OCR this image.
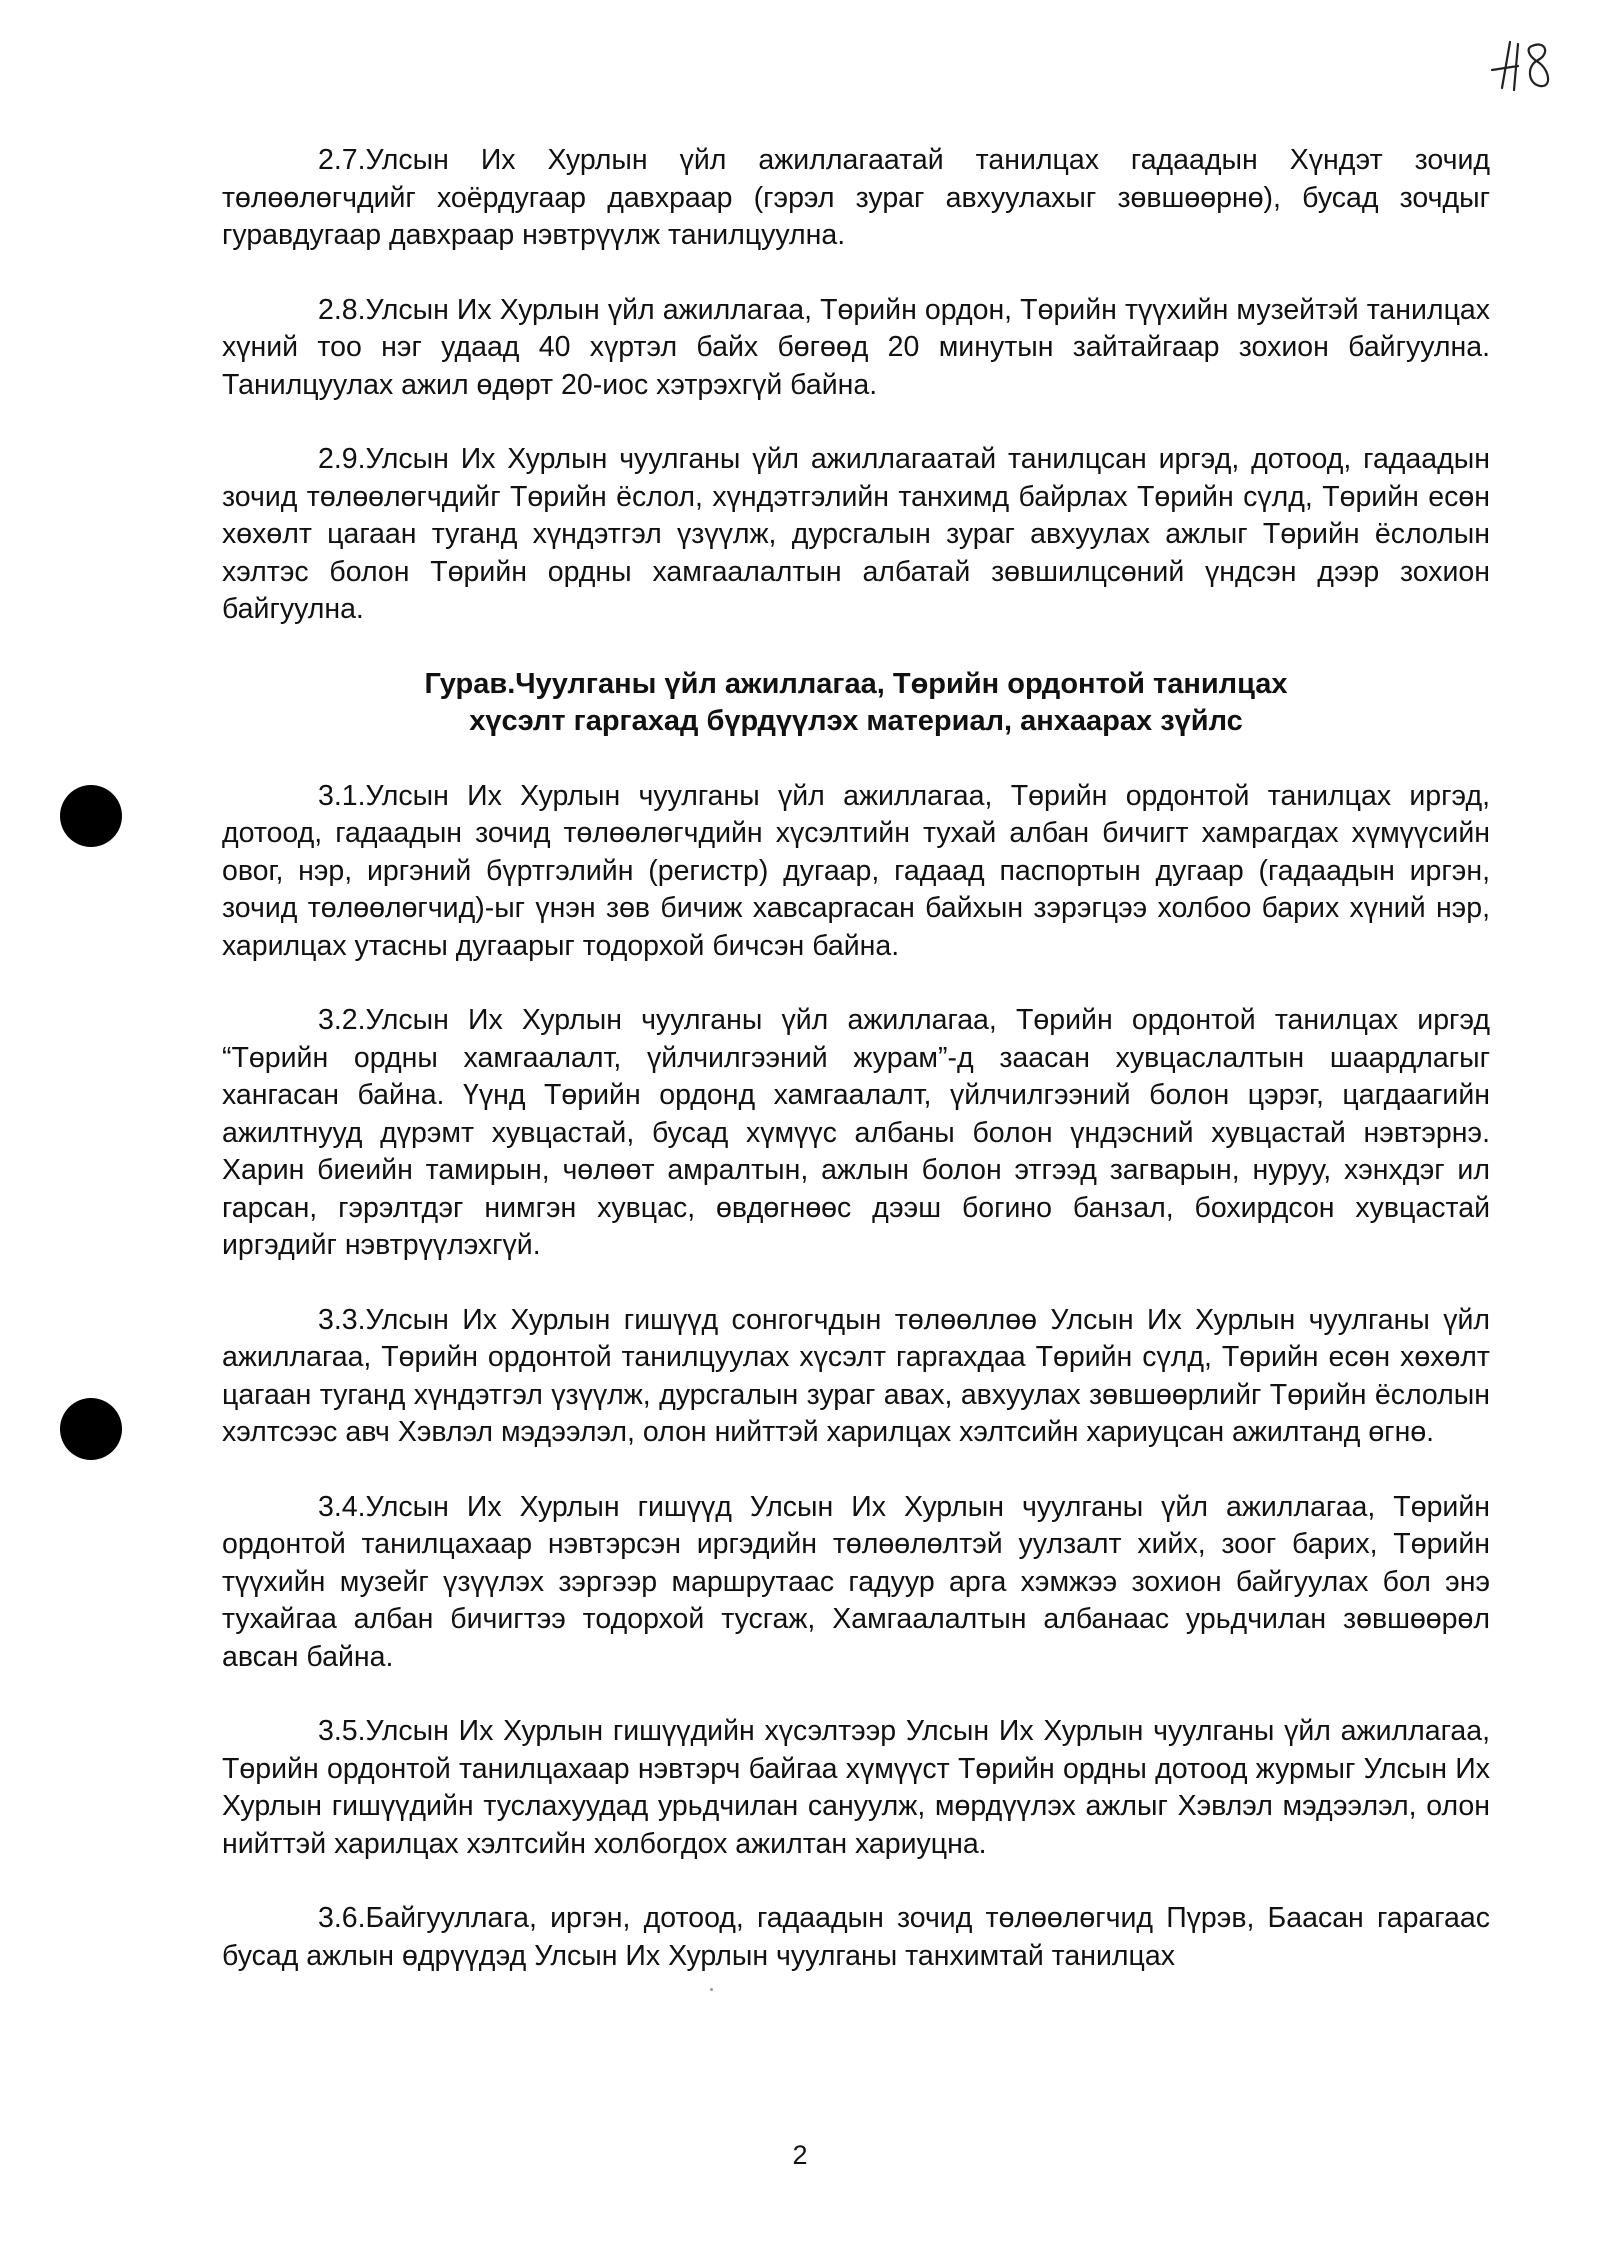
2.7.Улсын Их Хурлын үйл ажиллагаатай танилцах гадаадын Хүндэт зочид төлөөлөгчдийг хоёрдугаар давхраар (гэрэл зураг авхуулахыг зөвшөөрнө), бусад зочдыг гуравдугаар давхраар нэвтрүүлж танилцуулна.

2.8.Улсын Их Хурлын үйл ажиллагаа, Төрийн ордон, Төрийн түүхийн музейтэй танилцах хүний тоо нэг удаад 40 хүртэл байх бөгөөд 20 минутын зайтайгаар зохион байгуулна. Танилцуулах ажил өдөрт 20-иос хэтрэхгүй байна.

2.9.Улсын Их Хурлын чуулганы үйл ажиллагаатай танилцсан иргэд, дотоод, гадаадын зочид төлөөлөгчдийг Төрийн ёслол, хүндэтгэлийн танхимд байрлах Төрийн сүлд, Төрийн есөн хөхөлт цагаан туганд хүндэтгэл үзүүлж, дурсгалын зураг авхуулах ажлыг Төрийн ёслолын хэлтэс болон Төрийн ордны хамгаалалтын албатай зөвшилцсөний үндсэн дээр зохион байгуулна.

Гурав.Чуулганы үйл ажиллагаа, Төрийн ордонтой танилцах
хүсэлт гаргахад бүрдүүлэх материал, анхаарах зүйлс

3.1.Улсын Их Хурлын чуулганы үйл ажиллагаа, Төрийн ордонтой танилцах иргэд, дотоод, гадаадын зочид төлөөлөгчдийн хүсэлтийн тухай албан бичигт хамрагдах хүмүүсийн овог, нэр, иргэний бүртгэлийн (регистр) дугаар, гадаад паспортын дугаар (гадаадын иргэн, зочид төлөөлөгчид)-ыг үнэн зөв бичиж хавсаргасан байхын зэрэгцээ холбоо барих хүний нэр, харилцах утасны дугаарыг тодорхой бичсэн байна.

3.2.Улсын Их Хурлын чуулганы үйл ажиллагаа, Төрийн ордонтой танилцах иргэд “Төрийн ордны хамгаалалт, үйлчилгээний журам”-д заасан хувцаслалтын шаардлагыг хангасан байна. Үүнд Төрийн ордонд хамгаалалт, үйлчилгээний болон цэрэг, цагдаагийн ажилтнууд дүрэмт хувцастай, бусад хүмүүс албаны болон үндэсний хувцастай нэвтэрнэ. Харин биеийн тамирын, чөлөөт амралтын, ажлын болон этгээд загварын, нуруу, хэнхдэг ил гарсан, гэрэлтдэг нимгэн хувцас, өвдөгнөөс дээш богино банзал, бохирдсон хувцастай иргэдийг нэвтрүүлэхгүй.

3.3.Улсын Их Хурлын гишүүд сонгогчдын төлөөллөө Улсын Их Хурлын чуулганы үйл ажиллагаа, Төрийн ордонтой танилцуулах хүсэлт гаргахдаа Төрийн сүлд, Төрийн есөн хөхөлт цагаан туганд хүндэтгэл үзүүлж, дурсгалын зураг авах, авхуулах зөвшөөрлийг Төрийн ёслолын хэлтсээс авч Хэвлэл мэдээлэл, олон нийттэй харилцах хэлтсийн хариуцсан ажилтанд өгнө.

3.4.Улсын Их Хурлын гишүүд Улсын Их Хурлын чуулганы үйл ажиллагаа, Төрийн ордонтой танилцахаар нэвтэрсэн иргэдийн төлөөлөлтэй уулзалт хийх, зоог барих, Төрийн түүхийн музейг үзүүлэх зэргээр маршрутаас гадуур арга хэмжээ зохион байгуулах бол энэ тухайгаа албан бичигтээ тодорхой тусгаж, Хамгаалалтын албанаас урьдчилан зөвшөөрөл авсан байна.

3.5.Улсын Их Хурлын гишүүдийн хүсэлтээр Улсын Их Хурлын чуулганы үйл ажиллагаа, Төрийн ордонтой танилцахаар нэвтэрч байгаа хүмүүст Төрийн ордны дотоод журмыг Улсын Их Хурлын гишүүдийн туслахуудад урьдчилан сануулж, мөрдүүлэх ажлыг Хэвлэл мэдээлэл, олон нийттэй харилцах хэлтсийн холбогдох ажилтан хариуцна.

3.6.Байгууллага, иргэн, дотоод, гадаадын зочид төлөөлөгчид Пүрэв, Баасан гарагаас бусад ажлын өдрүүдэд Улсын Их Хурлын чуулганы танхимтай танилцах

2
